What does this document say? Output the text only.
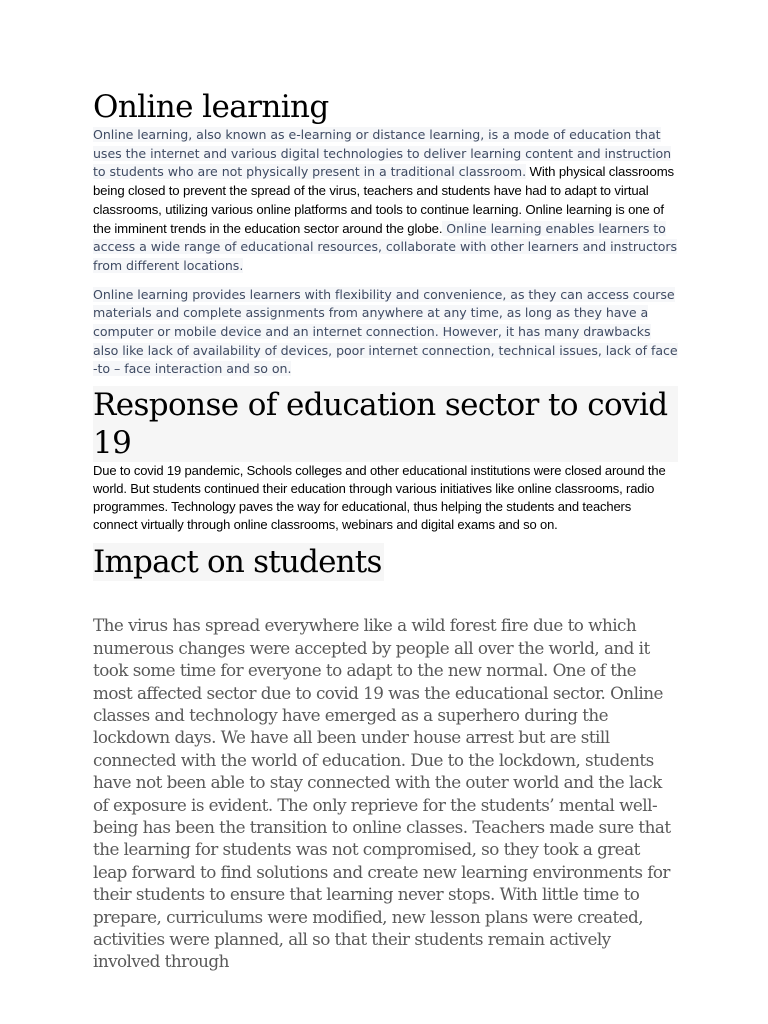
Online learning

Online learning, also known as e-learning or distance learning, is a mode of education that uses the internet and various digital technologies to deliver learning content and instruction to students who are not physically present in a traditional classroom. With physical classrooms being closed to prevent the spread of the virus, teachers and students have had to adapt to virtual classrooms, utilizing various online platforms and tools to continue learning. Online learning is one of the imminent trends in the education sector around the globe. Online learning enables learners to access a wide range of educational resources, collaborate with other learners and instructors from different locations.

Online learning provides learners with flexibility and convenience, as they can access course materials and complete assignments from anywhere at any time, as long as they have a computer or mobile device and an internet connection. However, it has many drawbacks also like lack of availability of devices, poor internet connection, technical issues, lack of face -to – face interaction and so on.

Response of education sector to covid 19

Due to covid 19 pandemic, Schools colleges and other educational institutions were closed around the world. But students continued their education through various initiatives like online classrooms, radio programmes. Technology paves the way for educational, thus helping the students and teachers connect virtually through online classrooms, webinars and digital exams and so on.

Impact on students

The virus has spread everywhere like a wild forest fire due to which numerous changes were accepted by people all over the world, and it took some time for everyone to adapt to the new normal. One of the most affected sector due to covid 19 was the educational sector. Online classes and technology have emerged as a superhero during the lockdown days. We have all been under house arrest but are still connected with the world of education. Due to the lockdown, students have not been able to stay connected with the outer world and the lack of exposure is evident. The only reprieve for the students’ mental well-being has been the transition to online classes. Teachers made sure that the learning for students was not compromised, so they took a great leap forward to find solutions and create new learning environments for their students to ensure that learning never stops. With little time to prepare, curriculums were modified, new lesson plans were created, activities were planned, all so that their students remain actively involved through
